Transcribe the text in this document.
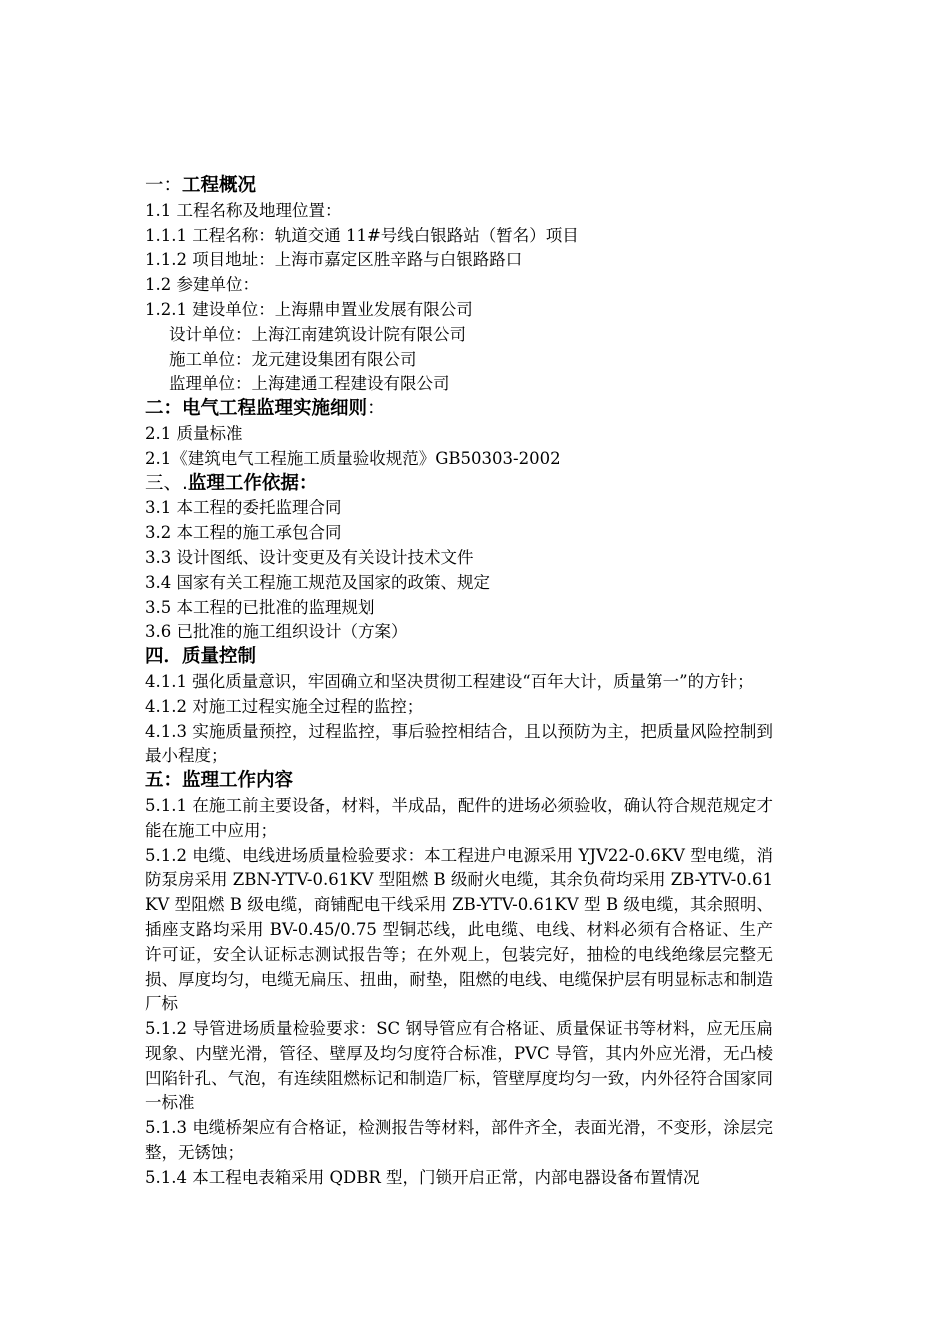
一：工程概况
1.1 工程名称及地理位置：
1.1.1 工程名称：轨道交通 11#号线白银路站（暂名）项目
1.1.2 项目地址：上海市嘉定区胜辛路与白银路路口
1.2 参建单位：
1.2.1 建设单位：上海鼎申置业发展有限公司
设计单位：上海江南建筑设计院有限公司
施工单位：龙元建设集团有限公司
监理单位：上海建通工程建设有限公司
二：电气工程监理实施细则：
2.1 质量标准
2.1《建筑电气工程施工质量验收规范》GB50303-2002
三、.监理工作依据：
3.1 本工程的委托监理合同
3.2 本工程的施工承包合同
3.3 设计图纸、设计变更及有关设计技术文件
3.4 国家有关工程施工规范及国家的政策、规定
3.5 本工程的已批准的监理规划
3.6 已批准的施工组织设计（方案）
四．质量控制
4.1.1 强化质量意识，牢固确立和坚决贯彻工程建设“百年大计，质量第一”的方针；
4.1.2 对施工过程实施全过程的监控；
4.1.3 实施质量预控，过程监控，事后验控相结合，且以预防为主，把质量风险控制到最小程度；
五：监理工作内容
5.1.1 在施工前主要设备，材料，半成品，配件的进场必须验收，确认符合规范规定才能在施工中应用；
5.1.2 电缆、电线进场质量检验要求：本工程进户电源采用 YJV22-0.6KV 型电缆，消防泵房采用 ZBN-YTV-0.61KV 型阻燃 B 级耐火电缆，其余负荷均采用 ZB-YTV-0.61KV 型阻燃 B 级电缆，商铺配电干线采用 ZB-YTV-0.61KV 型 B 级电缆，其余照明、插座支路均采用 BV-0.45/0.75 型铜芯线，此电缆、电线、材料必须有合格证、生产许可证，安全认证标志测试报告等；在外观上，包装完好，抽检的电线绝缘层完整无损、厚度均匀，电缆无扁压、扭曲，耐垫，阻燃的电线、电缆保护层有明显标志和制造厂标
5.1.2 导管进场质量检验要求：SC 钢导管应有合格证、质量保证书等材料，应无压扁现象、内壁光滑，管径、壁厚及均匀度符合标准，PVC 导管，其内外应光滑，无凸棱凹陷针孔、气泡，有连续阻燃标记和制造厂标，管壁厚度均匀一致，内外径符合国家同一标准
5.1.3 电缆桥架应有合格证，检测报告等材料，部件齐全，表面光滑，不变形，涂层完整，无锈蚀；
5.1.4 本工程电表箱采用 QDBR 型，门锁开启正常，内部电器设备布置情况
